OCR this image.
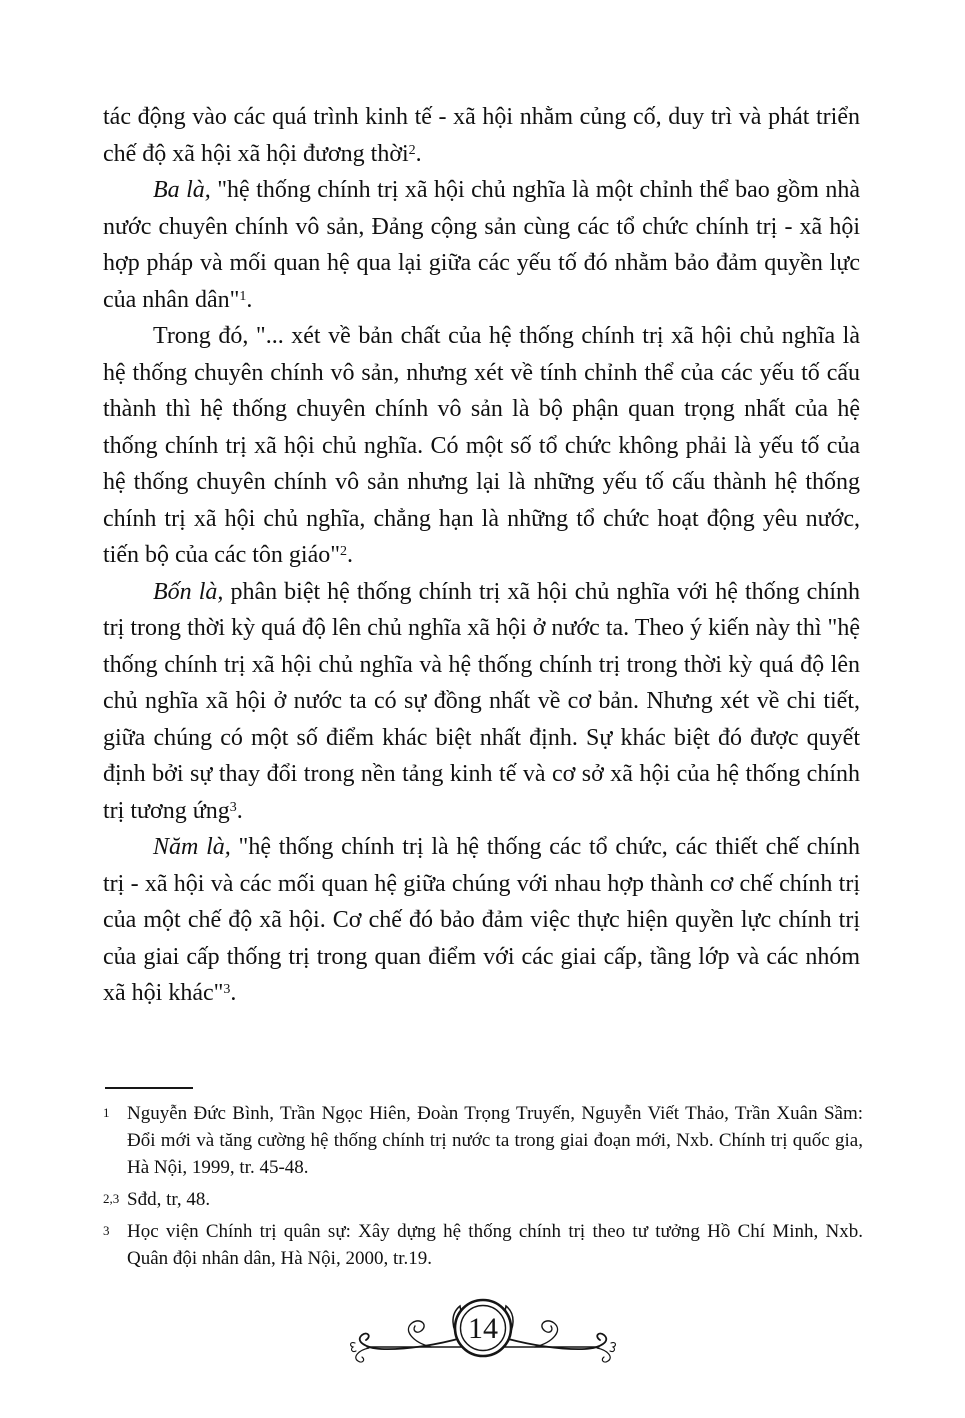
tác động vào các quá trình kinh tế - xã hội nhằm củng cố, duy trì và phát triển chế độ xã hội xã hội đương thời$^2$.

Ba là, "hệ thống chính trị xã hội chủ nghĩa là một chỉnh thể bao gồm nhà nước chuyên chính vô sản, Đảng cộng sản cùng các tổ chức chính trị - xã hội hợp pháp và mối quan hệ qua lại giữa các yếu tố đó nhằm bảo đảm quyền lực của nhân dân"$^1$.

Trong đó, "... xét về bản chất của hệ thống chính trị xã hội chủ nghĩa là hệ thống chuyên chính vô sản, nhưng xét về tính chỉnh thể của các yếu tố cấu thành thì hệ thống chuyên chính vô sản là bộ phận quan trọng nhất của hệ thống chính trị xã hội chủ nghĩa. Có một số tổ chức không phải là yếu tố của hệ thống chuyên chính vô sản nhưng lại là những yếu tố cấu thành hệ thống chính trị xã hội chủ nghĩa, chẳng hạn là những tổ chức hoạt động yêu nước, tiến bộ của các tôn giáo"$^2$.

Bốn là, phân biệt hệ thống chính trị xã hội chủ nghĩa với hệ thống chính trị trong thời kỳ quá độ lên chủ nghĩa xã hội ở nước ta. Theo ý kiến này thì "hệ thống chính trị xã hội chủ nghĩa và hệ thống chính trị trong thời kỳ quá độ lên chủ nghĩa xã hội ở nước ta có sự đồng nhất về cơ bản. Nhưng xét về chi tiết, giữa chúng có một số điểm khác biệt nhất định. Sự khác biệt đó được quyết định bởi sự thay đổi trong nền tảng kinh tế và cơ sở xã hội của hệ thống chính trị tương ứng$^3$.

Năm là, "hệ thống chính trị là hệ thống các tổ chức, các thiết chế chính trị - xã hội và các mối quan hệ giữa chúng với nhau hợp thành cơ chế chính trị của một chế độ xã hội. Cơ chế đó bảo đảm việc thực hiện quyền lực chính trị của giai cấp thống trị trong quan điểm với các giai cấp, tầng lớp và các nhóm xã hội khác"$^3$.

1 Nguyễn Đức Bình, Trần Ngọc Hiên, Đoàn Trọng Truyến, Nguyễn Viết Thảo, Trần Xuân Sầm: Đổi mới và tăng cường hệ thống chính trị nước ta trong giai đoạn mới, Nxb. Chính trị quốc gia, Hà Nội, 1999, tr. 45-48.
2,3 Sđd, tr, 48.
3 Học viện Chính trị quân sự: Xây dựng hệ thống chính trị theo tư tưởng Hồ Chí Minh, Nxb. Quân đội nhân dân, Hà Nội, 2000, tr.19.
14
